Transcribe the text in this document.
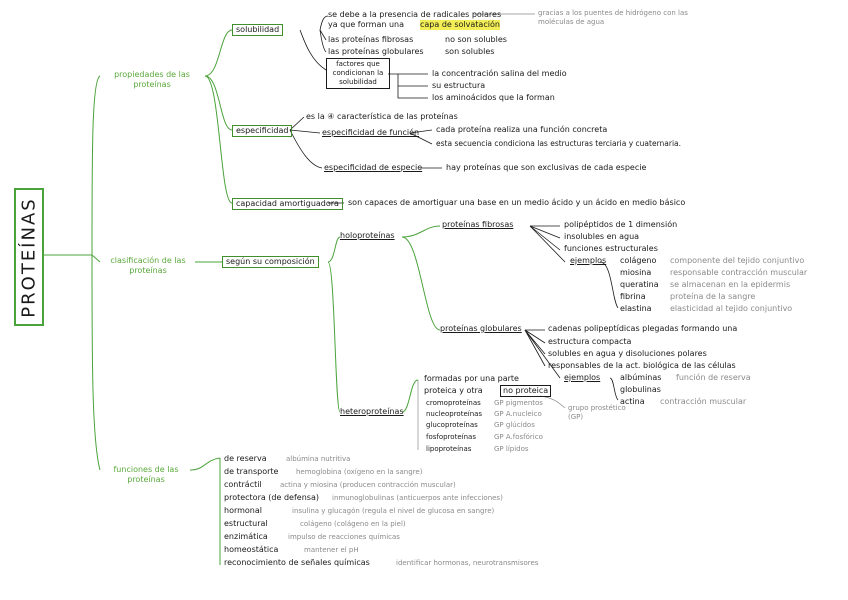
PROTEÍNAS
propiedades de las proteínas
solubilidad
se debe a la presencia de radicales polares
ya que forman una capa de solvatación
gracias a los puentes de hidrógeno con las moléculas de agua
las proteínas fibrosas	no son solubles
las proteínas globulares	son solubles
factores que condicionan la solubilidad
la concentración salina del medio
su estructura
los aminoácidos que la forman
especificidad
es la ④ característica de las proteínas
especificidad de función cada proteína realiza una función concreta
esta secuencia condiciona las estructuras terciaria y cuaternaria.
especificidad de especie	hay proteínas que son exclusivas de cada especie
capacidad amortiguadora	son capaces de amortiguar una base en un medio ácido y un ácido en medio básico
clasificación de las proteínas
según su composición
holoproteínas
proteínas fibrosas	polipéptidos de 1 dimensión
insolubles en agua
funciones estructurales
ejemplos colágeno componente del tejido conjuntivo
miosina responsable contracción muscular
queratina se almacenan en la epidermis
fibrina	proteína de la sangre
elastina elasticidad al tejido conjuntivo
proteínas globulares	cadenas polipeptídicas plegadas formando una
estructura compacta
solubles en agua y disoluciones polares
responsables de la act. biológica de las células
ejemplos albúminas función de reserva
globulinas
actina contracción muscular
heteroproteínas
formadas por una parte
proteica y otra	no proteica
grupo prostético (GP)
cromoproteínas GP pigmentos
nucleoproteínas GP A.nucleico
glucoproteínas GP glúcidos
fosfoproteínas	GP A.fosfórico
lipoproteínas	GP lípidos
funciones de las proteínas
de reserva	albúmina nutritiva
de transporte	hemoglobina (oxígeno en la sangre)
contráctil	actina y miosina (producen contracción muscular)
protectora (de defensa) inmunoglobulinas (anticuerpos ante infecciones)
hormonal	insulina y glucagón (regula el nivel de glucosa en sangre)
estructural	colágeno (colágeno en la piel)
enzimática	impulso de reacciones químicas
homeostática	mantener el pH
reconocimiento de señales químicas	identificar hormonas, neurotransmisores
